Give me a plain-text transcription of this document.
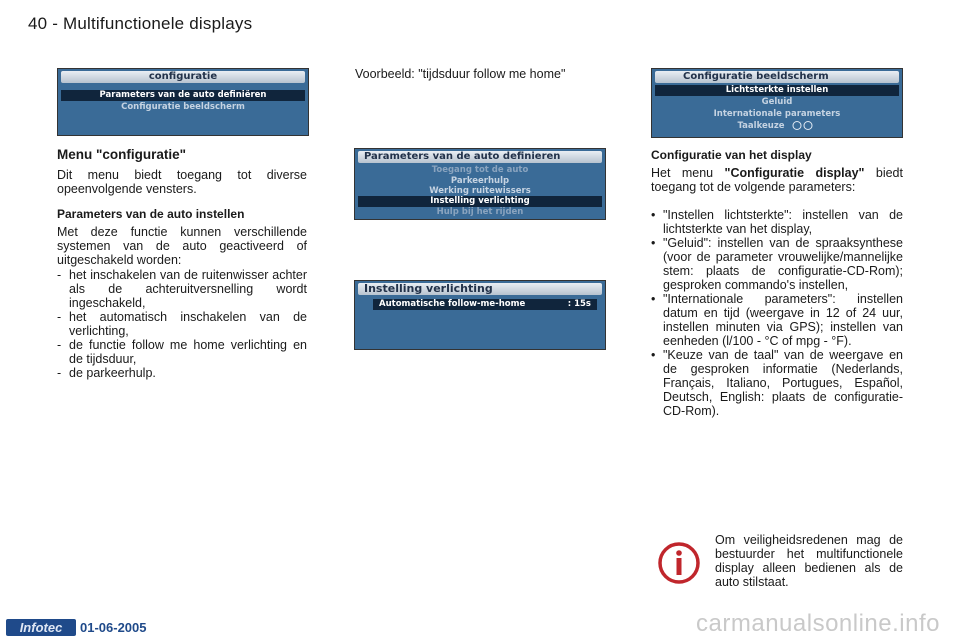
40 - Multifunctionele displays
configuratie
Parameters van de auto definiëren
Configuratie beeldscherm
Parameters van de auto definieren
Toegang tot de auto
Parkeerhulp
Werking ruitewissers
Instelling verlichting
Hulp bij het rijden
Instelling verlichting
Automatische follow-me-home	: 15s
Configuratie beeldscherm
Lichtsterkte instellen
Geluid
Internationale parameters
Taalkeuze
Menu "configuratie"
Dit menu biedt toegang tot diverse opeenvolgende vensters.
Parameters van de auto instellen
Met deze functie kunnen verschillende systemen van de auto geactiveerd of uitgeschakeld worden:
- het inschakelen van de ruitenwisser achter als de achteruitversnelling wordt ingeschakeld,
- het automatisch inschakelen van de verlichting,
- de functie follow me home verlichting en de tijdsduur,
- de parkeerhulp.
Voorbeeld: "tijdsduur follow me home"
Configuratie van het display
Het menu "Configuratie display" biedt toegang tot de volgende parameters:
• "Instellen lichtsterkte": instellen van de lichtsterkte van het display,
• "Geluid": instellen van de spraaksynthese (voor de parameter vrouwelijke/mannelijke stem: plaats de configuratie-CD-Rom); gesproken commando's instellen,
• "Internationale parameters": instellen datum en tijd (weergave in 12 of 24 uur, instellen minuten via GPS); instellen van eenheden (l/100 - °C of mpg - °F).
• "Keuze van de taal" van de weergave en de gesproken informatie (Nederlands, Français, Italiano, Portugues, Español, Deutsch, English: plaats de configuratie-CD-Rom).
Om veiligheidsredenen mag de bestuurder het multifunctionele display alleen bedienen als de auto stilstaat.
Infotec	01-06-2005	carmanualsonline.info
